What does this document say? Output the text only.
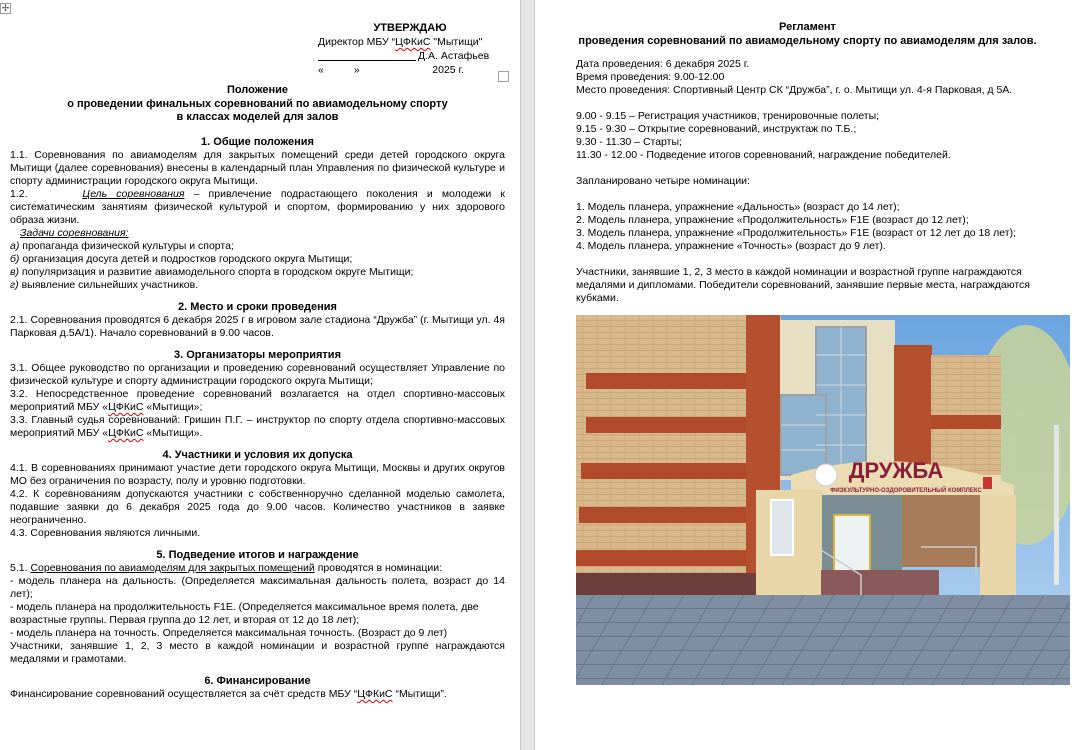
✢
УТВЕРЖДАЮ
Директор МБУ “ЦФКиС "Мытищи"
Д.А. Астафьев
«	»	2025 г.
Положение
о проведении финальных соревнований по авиамодельному спорту
в классах моделей для залов
1. Общие положения
1.1. Соревнования по авиамоделям для закрытых помещений среди детей городского округа Мытищи (далее соревнования) внесены в календарный план Управления по физической культуре и спорту администрации городского округа Мытищи.
1.2.	Цель соревнования – привлечение подрастающего поколения и молодежи к систематическим занятиям физической культурой и спортом, формированию у них здорового образа жизни.
Задачи соревнования:
а) пропаганда физической культуры и спорта;
б) организация досуга детей и подростков городского округа Мытищи;
в) популяризация и развитие авиамодельного спорта в городском округе Мытищи;
г) выявление сильнейших участников.
2. Место и сроки проведения
2.1. Соревнования проводятся 6 декабря 2025 г в игровом зале стадиона “Дружба” (г. Мытищи ул. 4я Парковая д.5А/1). Начало соревнований в 9.00 часов.
3. Организаторы мероприятия
3.1. Общее руководство по организации и проведению соревнований осуществляет Управление по физической культуре и спорту администрации городского округа Мытищи;
3.2. Непосредственное проведение соревнований возлагается на отдел спортивно-массовых мероприятий МБУ «ЦФКиС «Мытищи»;
3.3. Главный судья соревнований: Гришин П.Г. – инструктор по спорту отдела спортивно-массовых мероприятий МБУ «ЦФКиС «Мытищи».
4. Участники и условия их допуска
4.1. В соревнованиях принимают участие дети городского округа Мытищи, Москвы и других округов МО без ограничения по возрасту, полу и уровню подготовки.
4.2. К соревнованиям допускаются участники с собственноручно сделанной моделью самолета, подавшие заявки до 6 декабря 2025 года до 9.00 часов. Количество участников в заявке неограниченно.
4.3. Соревнования являются личными.
5. Подведение итогов и награждение
5.1. Соревнования по авиамоделям для закрытых помещений проводятся в номинации:
- модель планера на дальность. (Определяется максимальная дальность полета, возраст до 14 лет);
- модель планера на продолжительность F1E. (Определяется максимальное время полета, две возрастные группы. Первая группа до 12 лет, и вторая от 12 до 18 лет);
- модель планера на точность. Определяется максимальная точность. (Возраст до 9 лет)
Участники, занявшие 1, 2, 3 место в каждой номинации и возрастной группе награждаются медалями и грамотами.
6. Финансирование
Финансирование соревнований осуществляется за счёт средств МБУ “ЦФКиС “Мытищи”.
Регламент
проведения соревнований по авиамодельному спорту по авиамоделям для залов.
Дата проведения: 6 декабря 2025 г.
Время проведения: 9.00-12.00
Место проведения: Спортивный Центр СК “Дружба”, г. о. Мытищи ул. 4-я Парковая, д 5А.
9.00 - 9.15 – Регистрация участников, тренировочные полеты;
9.15 - 9.30 – Открытие соревнований, инструктаж по Т.Б.;
9.30 - 11.30 – Старты;
11.30 - 12.00 - Подведение итогов соревнований, награждение победителей.
Запланировано четыре номинации:
1. Модель планера, упражнение «Дальность» (возраст до 14 лет);
2. Модель планера, упражнение «Продолжительность» F1E (возраст до 12 лет);
3. Модель планера, упражнение «Продолжительность» F1E (возраст от 12 лет до 18 лет);
4. Модель планера, упражнение «Точность» (возраст до 9 лет).
Участники, занявшие 1, 2, 3 место в каждой номинации и возрастной группе награждаются медалями и дипломами. Победители соревнований, занявшие первые места, награждаются кубками.
ДРУЖБА
ФИЗКУЛЬТУРНО-ОЗДОРОВИТЕЛЬНЫЙ КОМПЛЕКС
